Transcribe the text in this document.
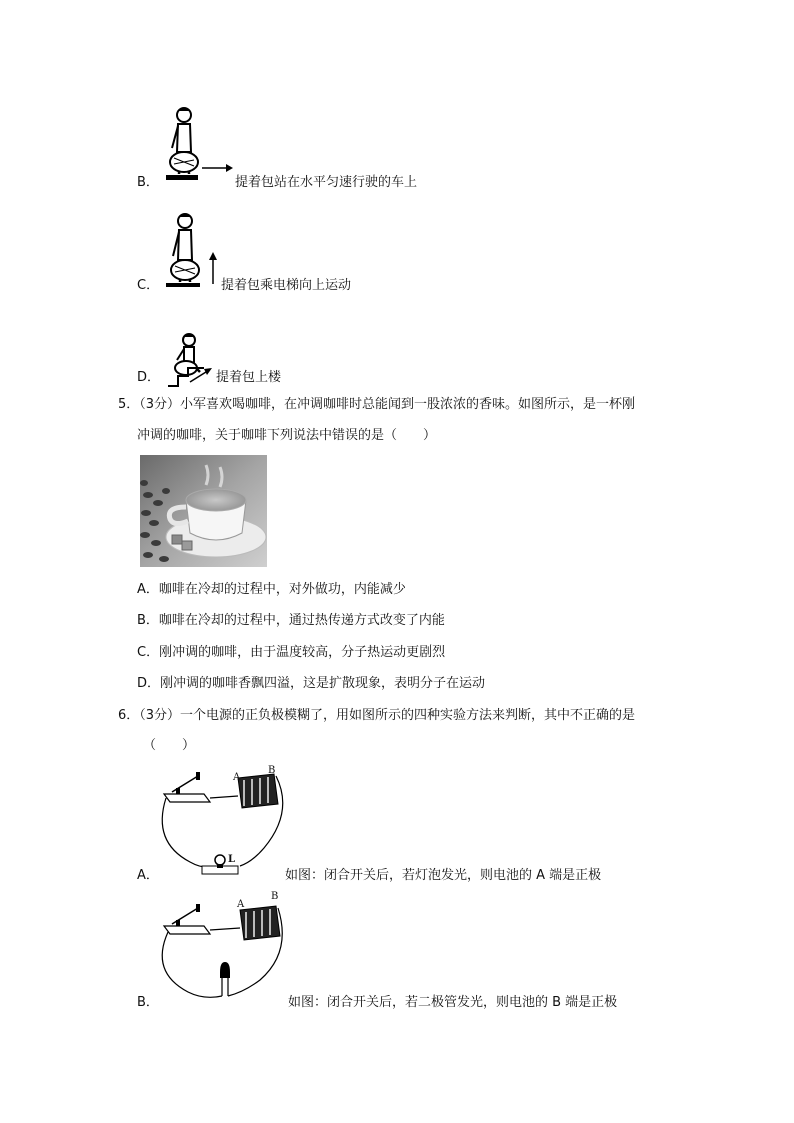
B．	提着包站在水平匀速行驶的车上
C．	提着包乘电梯向上运动
D．	提着包上楼
5．（3分）小军喜欢喝咖啡，在冲调咖啡时总能闻到一股浓浓的香味。如图所示，是一杯刚
冲调的咖啡，关于咖啡下列说法中错误的是（　　）
A．咖啡在冷却的过程中，对外做功，内能减少
B．咖啡在冷却的过程中，通过热传递方式改变了内能
C．刚冲调的咖啡，由于温度较高，分子热运动更剧烈
D．刚冲调的咖啡香飘四溢，这是扩散现象，表明分子在运动
6．（3分）一个电源的正负极模糊了，用如图所示的四种实验方法来判断，其中不正确的是
（　　）
A
B
L
A．	如图：闭合开关后，若灯泡发光，则电池的 A 端是正极
A
B
B．	如图：闭合开关后，若二极管发光，则电池的 B 端是正极
